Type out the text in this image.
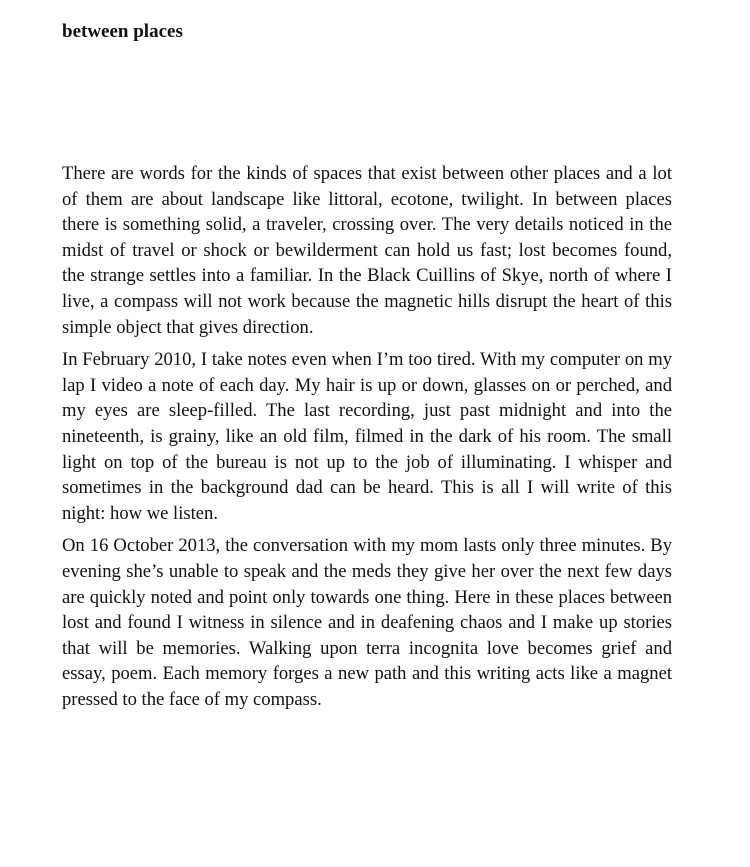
between places

There are words for the kinds of spaces that exist between other places and a lot of them are about landscape like littoral, ecotone, twilight. In between places there is something solid, a traveler, crossing over. The very details noticed in the midst of travel or shock or bewilderment can hold us fast; lost becomes found, the strange settles into a familiar. In the Black Cuillins of Skye, north of where I live, a compass will not work because the magnetic hills disrupt the heart of this simple object that gives direction.

In February 2010, I take notes even when I’m too tired. With my computer on my lap I video a note of each day. My hair is up or down, glasses on or perched, and my eyes are sleep-filled. The last recording, just past midnight and into the nineteenth, is grainy, like an old film, filmed in the dark of his room. The small light on top of the bureau is not up to the job of illuminating. I whisper and sometimes in the background dad can be heard. This is all I will write of this night: how we listen.

On 16 October 2013, the conversation with my mom lasts only three minutes. By evening she’s unable to speak and the meds they give her over the next few days are quickly noted and point only towards one thing. Here in these places between lost and found I witness in silence and in deafening chaos and I make up stories that will be memories. Walking upon terra incognita love becomes grief and essay, poem. Each memory forges a new path and this writing acts like a magnet pressed to the face of my compass.
